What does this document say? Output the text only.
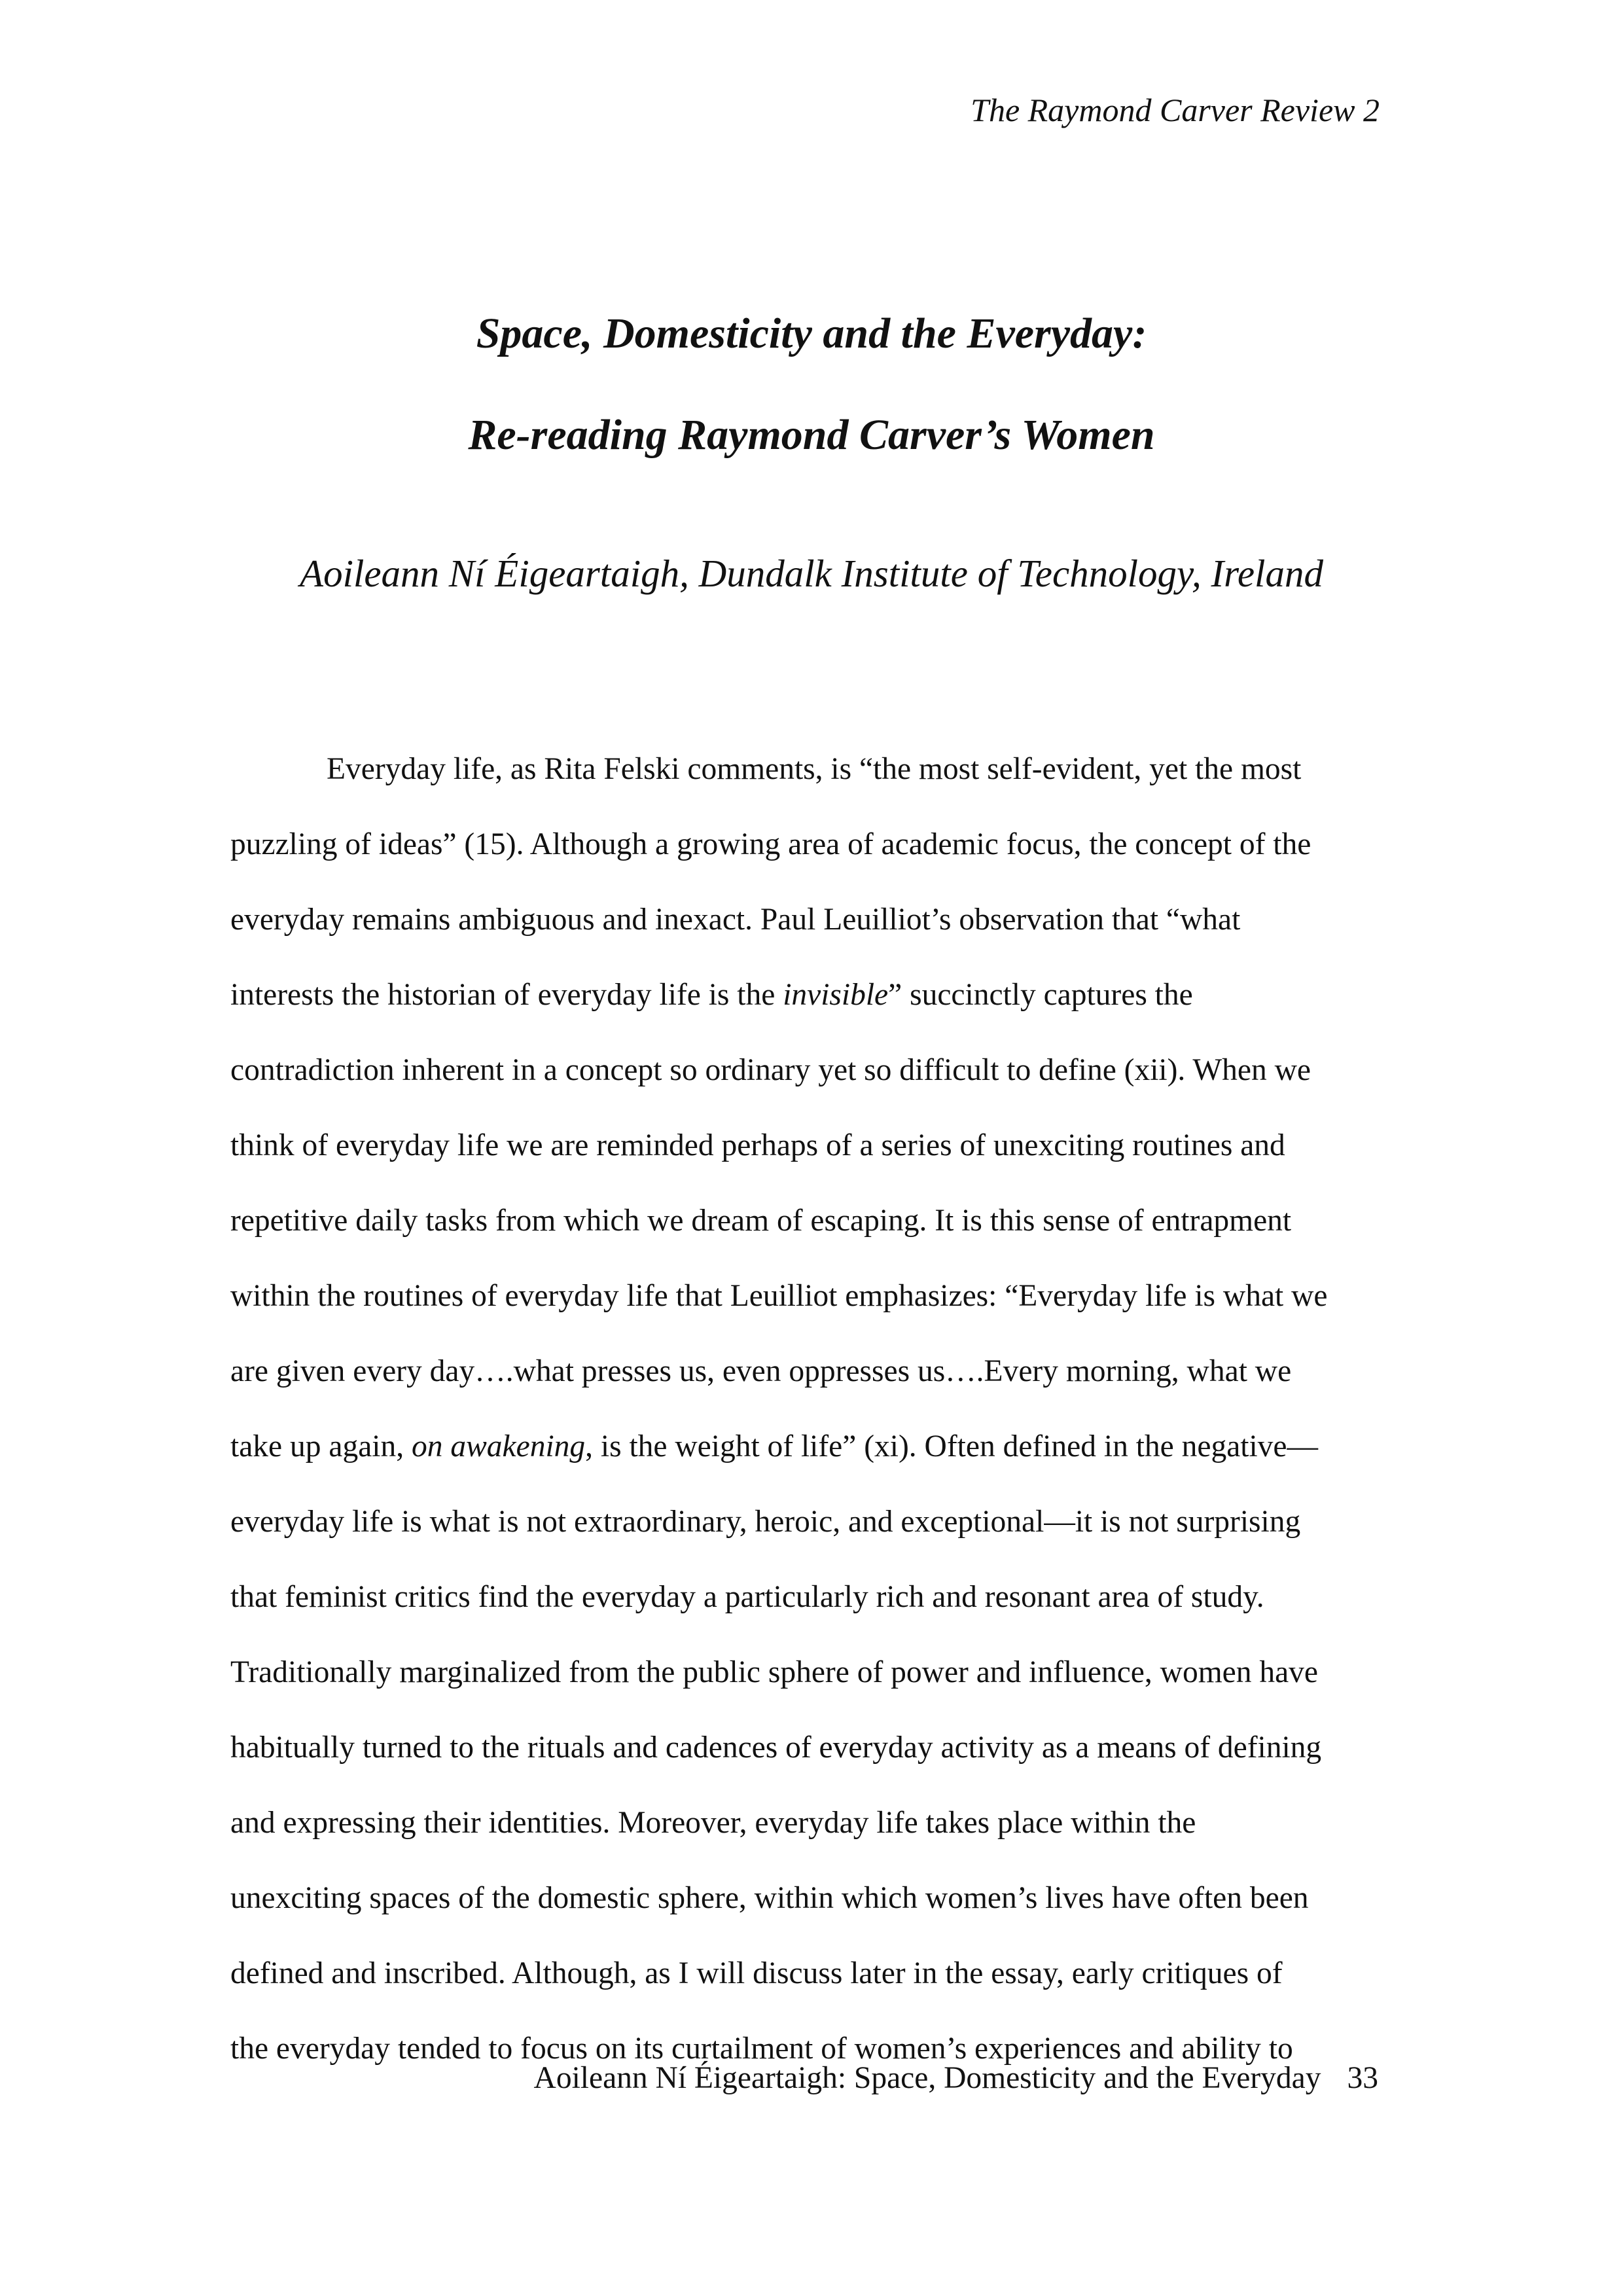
The Raymond Carver Review 2
Space, Domesticity and the Everyday:
Re-reading Raymond Carver’s Women
Aoileann Ní Éigeartaigh, Dundalk Institute of Technology, Ireland
Everyday life, as Rita Felski comments, is “the most self-evident, yet the most
puzzling of ideas” (15). Although a growing area of academic focus, the concept of the
everyday remains ambiguous and inexact. Paul Leuilliot’s observation that “what
interests the historian of everyday life is the invisible” succinctly captures the
contradiction inherent in a concept so ordinary yet so difficult to define (xii). When we
think of everyday life we are reminded perhaps of a series of unexciting routines and
repetitive daily tasks from which we dream of escaping. It is this sense of entrapment
within the routines of everyday life that Leuilliot emphasizes: “Everyday life is what we
are given every day….what presses us, even oppresses us….Every morning, what we
take up again, on awakening, is the weight of life” (xi). Often defined in the negative—
everyday life is what is not extraordinary, heroic, and exceptional—it is not surprising
that feminist critics find the everyday a particularly rich and resonant area of study.
Traditionally marginalized from the public sphere of power and influence, women have
habitually turned to the rituals and cadences of everyday activity as a means of defining
and expressing their identities. Moreover, everyday life takes place within the
unexciting spaces of the domestic sphere, within which women’s lives have often been
defined and inscribed. Although, as I will discuss later in the essay, early critiques of
the everyday tended to focus on its curtailment of women’s experiences and ability to
Aoileann Ní Éigeartaigh: Space, Domesticity and the Everyday 33
